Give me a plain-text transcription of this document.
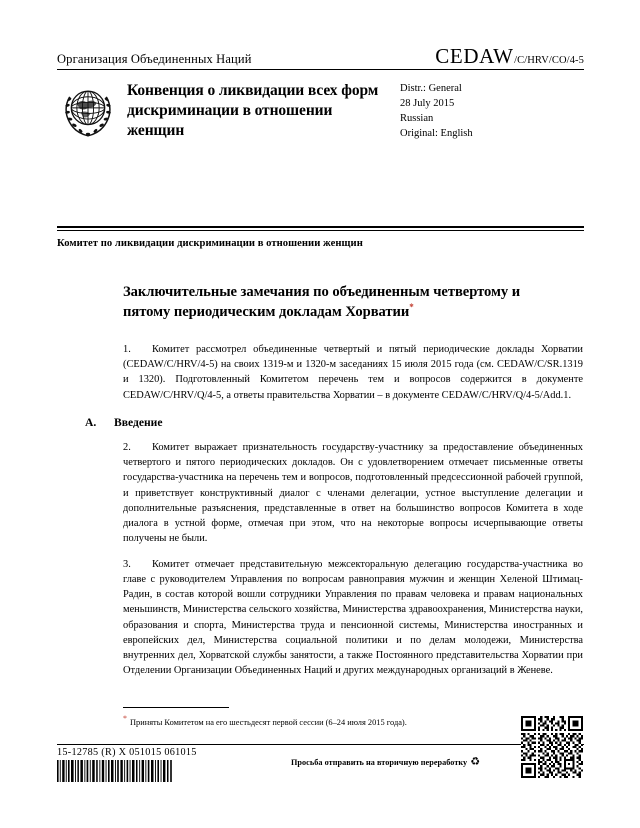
Организация Объединенных Наций	CEDAW /C/HRV/CO/4-5
Конвенция о ликвидации всех форм дискриминации в отношении женщин
Distr.: General
28 July 2015
Russian
Original: English
Комитет по ликвидации дискриминации в отношении женщин
Заключительные замечания по объединенным четвертому и пятому периодическим докладам Хорватии*

1. Комитет рассмотрел объединенные четвертый и пятый периодические доклады Хорватии (CEDAW/C/HRV/4-5) на своих 1319-м и 1320-м заседаниях 15 июля 2015 года (см. CEDAW/C/SR.1319 и 1320). Подготовленный Комитетом перечень тем и вопросов содержится в документе CEDAW/C/HRV/Q/4-5, а ответы правительства Хорватии – в документе CEDAW/C/HRV/Q/4-5/Add.1.

A.	Введение

2. Комитет выражает признательность государству-участнику за предоставление объединенных четвертого и пятого периодических докладов. Он с удовлетворением отмечает письменные ответы государства-участника на перечень тем и вопросов, подготовленный предсессионной рабочей группой, и приветствует конструктивный диалог с членами делегации, устное выступление делегации и дополнительные разъяснения, представленные в ответ на большинство вопросов Комитета в ходе диалога в устной форме, отмечая при этом, что на некоторые вопросы исчерпывающие ответы получены не были.

3. Комитет отмечает представительную межсекторальную делегацию государства-участника во главе с руководителем Управления по вопросам равноправия мужчин и женщин Хеленой Штимац-Радин, в состав которой вошли сотрудники Управления по правам человека и правам национальных меньшинств, Министерства сельского хозяйства, Министерства здравоохранения, Министерства науки, образования и спорта, Министерства труда и пенсионной системы, Министерства иностранных и европейских дел, Министерства социальной политики и по делам молодежи, Министерства внутренних дел, Хорватской службы занятости, а также Постоянного представительства Хорватии при Отделении Организации Объединенных Наций и других международных организаций в Женеве.

* Приняты Комитетом на его шестьдесят первой сессии (6–24 июля 2015 года).
15-12785 (R) X 051015 061015
Просьба отправить на вторичную переработку ♻
